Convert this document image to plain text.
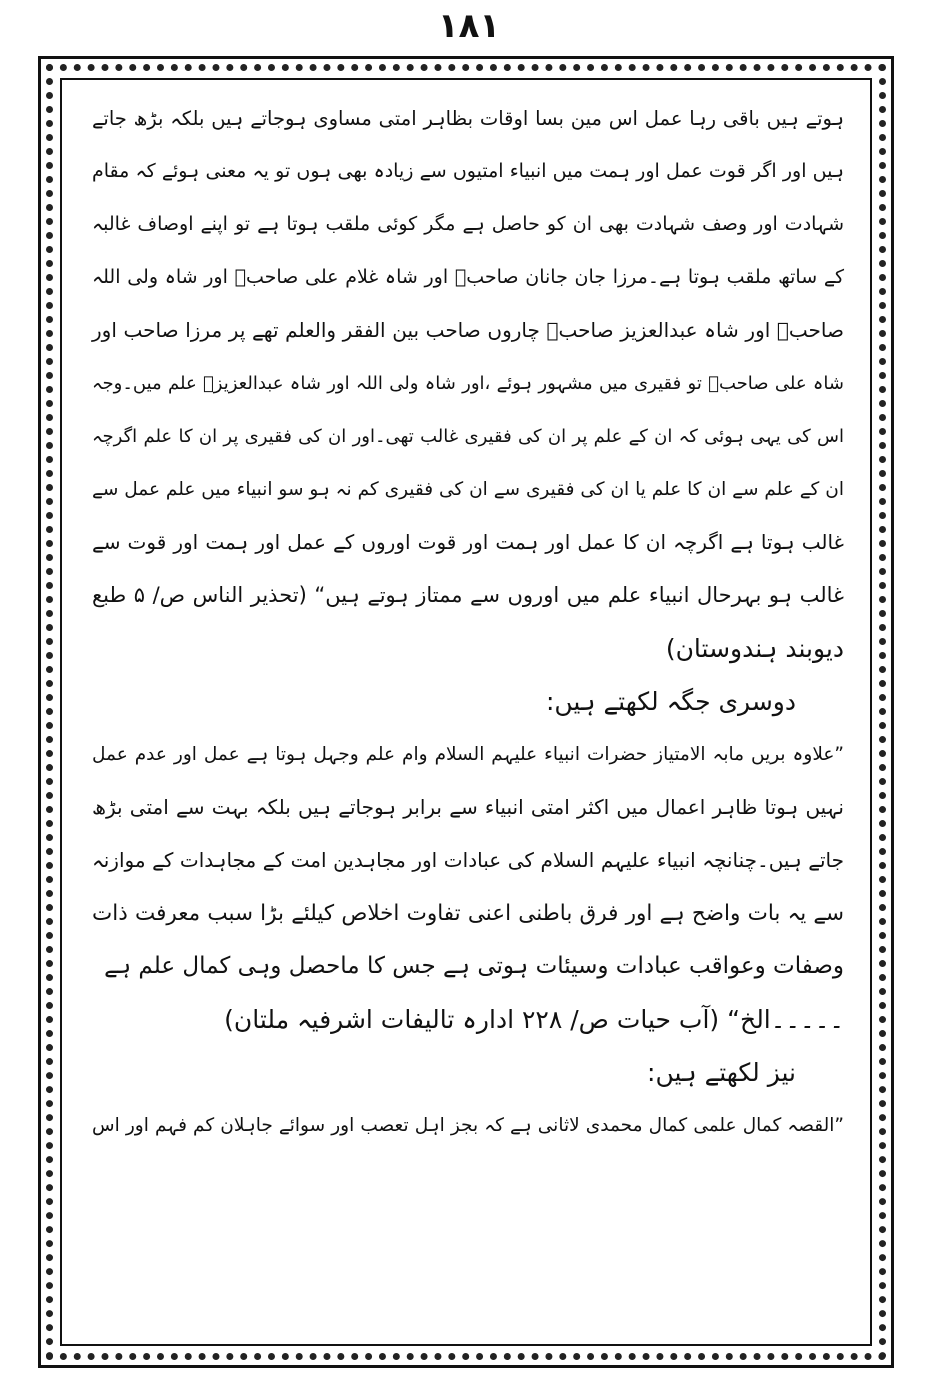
١٨١
ہوتے ہیں باقی رہا عمل اس مین بسا اوقات بظاہر امتی مساوی ہوجاتے ہیں بلکہ بڑھ جاتے
ہیں اور اگر قوت عمل اور ہمت میں انبیاء امتیوں سے زیادہ بھی ہوں تو یہ معنی ہوئے کہ مقام
شہادت اور وصف شہادت بھی ان کو حاصل ہے مگر کوئی ملقب ہوتا ہے تو اپنے اوصاف غالبہ
کے ساتھ ملقب ہوتا ہے۔مرزا جان جانان صاحبؒ اور شاہ غلام علی صاحبؒ اور شاہ ولی اللہ
صاحبؒ اور شاہ عبدالعزیز صاحبؒ چاروں صاحب بین الفقر والعلم تھے پر مرزا صاحب اور
شاہ علی صاحبؒ تو فقیری میں مشہور ہوئے ،اور شاہ ولی اللہ اور شاہ عبدالعزیزؒ علم میں۔وجہ
اس کی یہی ہوئی کہ ان کے علم پر ان کی فقیری غالب تھی۔اور ان کی فقیری پر ان کا علم اگرچہ
ان کے علم سے ان کا علم یا ان کی فقیری سے ان کی فقیری کم نہ ہو سو انبیاء میں علم عمل سے
غالب ہوتا ہے اگرچہ ان کا عمل اور ہمت اور قوت اوروں کے عمل اور ہمت اور قوت سے
غالب ہو بہرحال انبیاء علم میں اوروں سے ممتاز ہوتے ہیں“ (تحذیر الناس ص/ ۵ طبع
دیوبند ہندوستان)
دوسری جگہ لکھتے ہیں:
”علاوہ بریں مابہ الامتیاز حضرات انبیاء علیہم السلام وام علم وجہل ہوتا ہے عمل اور عدم عمل
نہیں ہوتا ظاہر اعمال میں اکثر امتی انبیاء سے برابر ہوجاتے ہیں بلکہ بہت سے امتی بڑھ
جاتے ہیں۔چنانچہ انبیاء علیہم السلام کی عبادات اور مجاہدین امت کے مجاہدات کے موازنہ
سے یہ بات واضح ہے اور فرق باطنی اعنی تفاوت اخلاص کیلئے بڑا سبب معرفت ذات
وصفات وعواقب عبادات وسیئات ہوتی ہے جس کا ماحصل وہی کمال علم ہے
۔۔۔۔۔الخ“ (آب حیات ص/ ۲۲۸ ادارہ تالیفات اشرفیہ ملتان)
نیز لکھتے ہیں:
”القصہ کمال علمی کمال محمدی لاثانی ہے کہ بجز اہل تعصب اور سوائے جاہلان کم فہم اور اس
